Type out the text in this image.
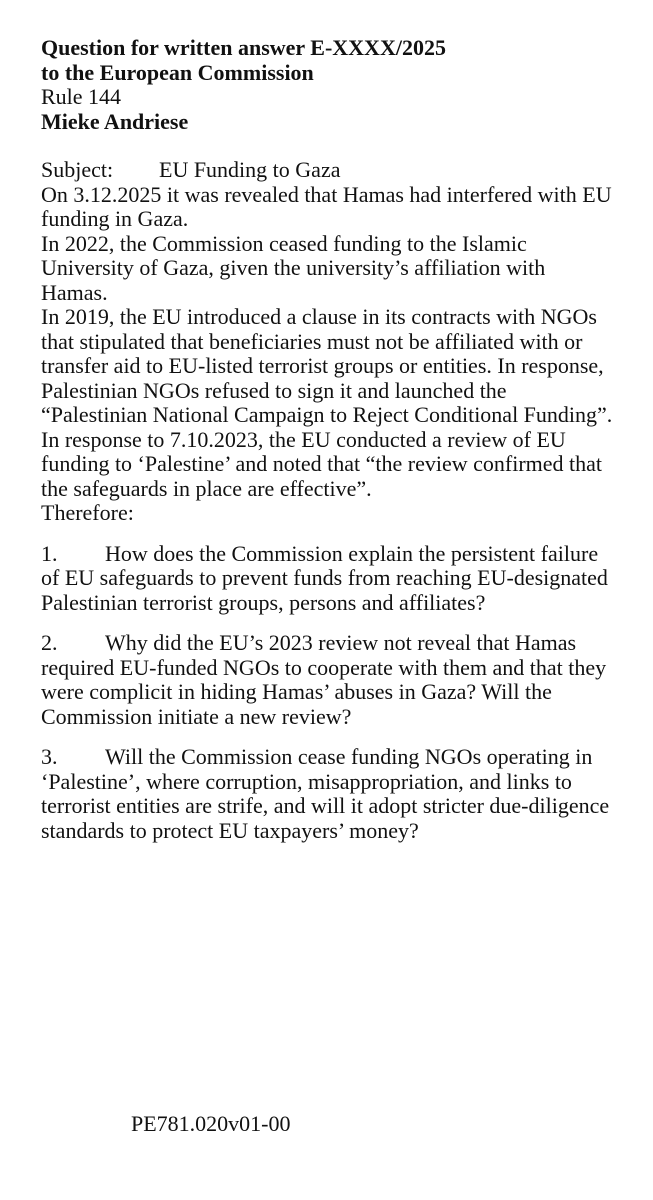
Question for written answer E-XXXX/2025
to the European Commission
Rule 144
Mieke Andriese
Subject:	EU Funding to Gaza

On 3.12.2025 it was revealed that Hamas had interfered with EU funding in Gaza.

In 2022, the Commission ceased funding to the Islamic University of Gaza, given the university’s affiliation with Hamas.

In 2019, the EU introduced a clause in its contracts with NGOs that stipulated that beneficiaries must not be affiliated with or transfer aid to EU-listed terrorist groups or entities. In response, Palestinian NGOs refused to sign it and launched the “Palestinian National Campaign to Reject Conditional Funding”.

In response to 7.10.2023, the EU conducted a review of EU funding to ‘Palestine’ and noted that “the review confirmed that the safeguards in place are effective”.

Therefore:

1. How does the Commission explain the persistent failure of EU safeguards to prevent funds from reaching EU-designated Palestinian terrorist groups, persons and affiliates?
2. Why did the EU’s 2023 review not reveal that Hamas required EU-funded NGOs to cooperate with them and that they were complicit in hiding Hamas’ abuses in Gaza? Will the Commission initiate a new review?
3. Will the Commission cease funding NGOs operating in ‘Palestine’, where corruption, misappropriation, and links to terrorist entities are strife, and will it adopt stricter due-diligence standards to protect EU taxpayers’ money?
PE781.020v01-00
